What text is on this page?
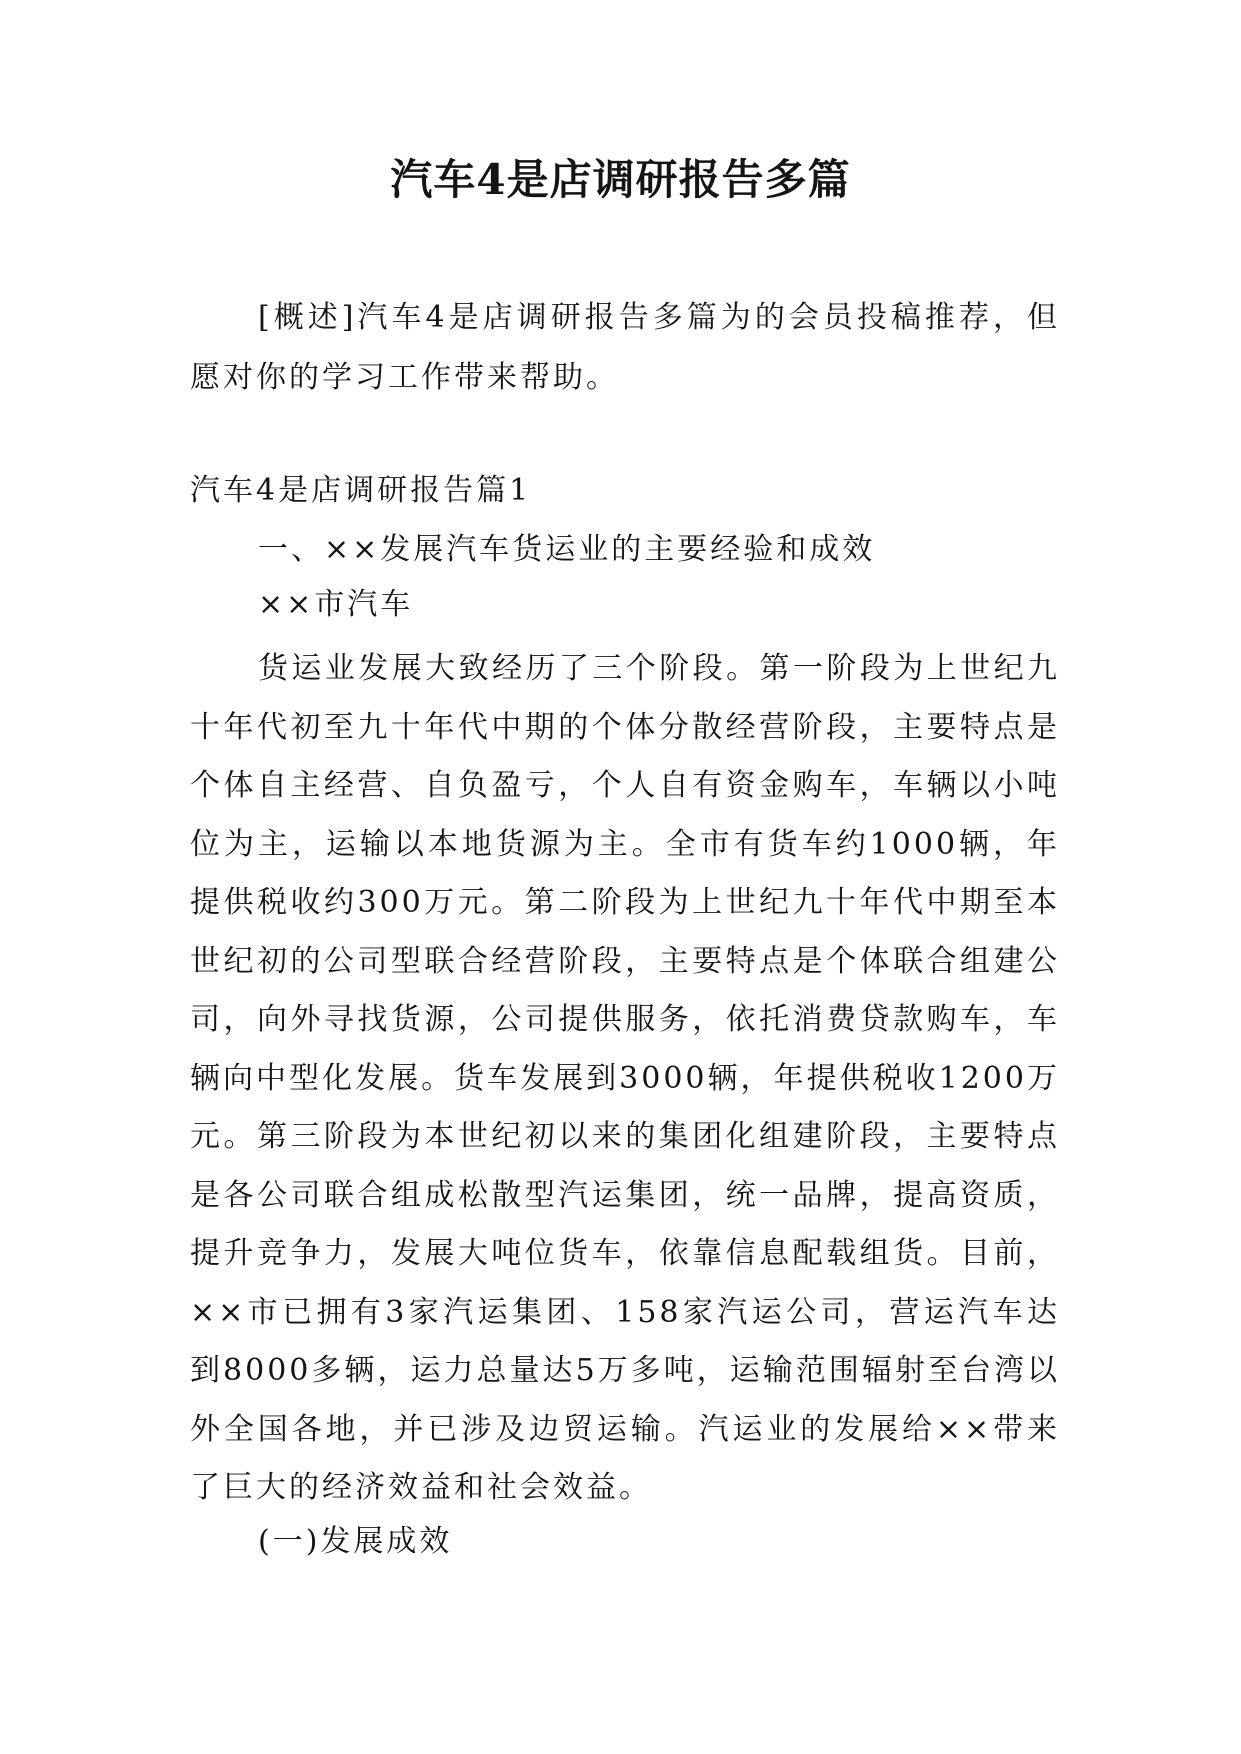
汽车4是店调研报告多篇
[概述]汽车4是店调研报告多篇为的会员投稿推荐，但愿对你的学习工作带来帮助。
汽车4是店调研报告篇1
一、××发展汽车货运业的主要经验和成效
××市汽车
货运业发展大致经历了三个阶段。第一阶段为上世纪九十年代初至九十年代中期的个体分散经营阶段，主要特点是个体自主经营、自负盈亏，个人自有资金购车，车辆以小吨位为主，运输以本地货源为主。全市有货车约1000辆，年提供税收约300万元。第二阶段为上世纪九十年代中期至本世纪初的公司型联合经营阶段，主要特点是个体联合组建公司，向外寻找货源，公司提供服务，依托消费贷款购车，车辆向中型化发展。货车发展到3000辆，年提供税收1200万元。第三阶段为本世纪初以来的集团化组建阶段，主要特点是各公司联合组成松散型汽运集团，统一品牌，提高资质，提升竞争力，发展大吨位货车，依靠信息配载组货。目前，××市已拥有3家汽运集团、158家汽运公司，营运汽车达到8000多辆，运力总量达5万多吨，运输范围辐射至台湾以外全国各地，并已涉及边贸运输。汽运业的发展给××带来了巨大的经济效益和社会效益。
(一)发展成效
